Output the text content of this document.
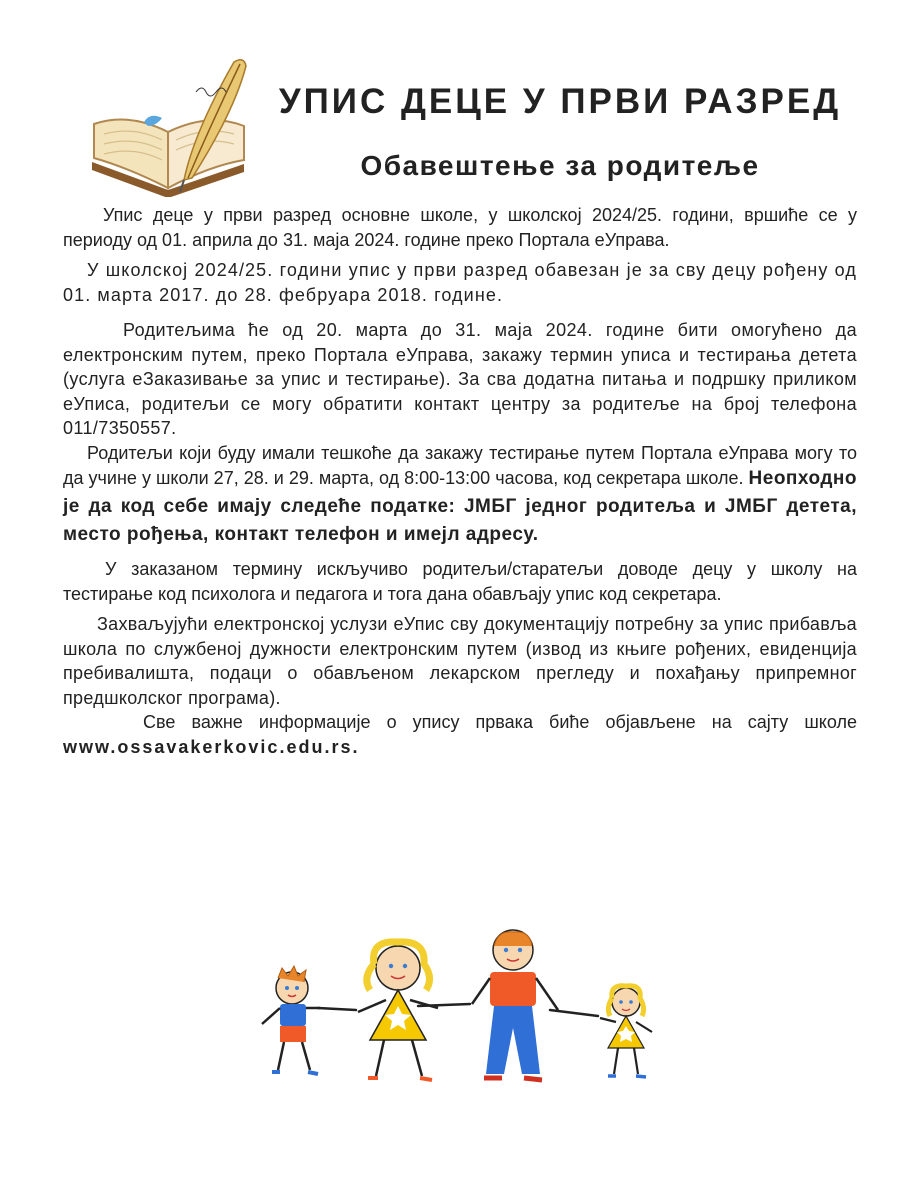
УПИС ДЕЦЕ У ПРВИ РАЗРЕД
Обавештење за родитеље

Упис деце у први разред основне школе, у школској 2024/25. години, вршиће се у периоду од 01. априла до 31. маја 2024. године преко Портала еУправа.

У школској 2024/25. години упис у први разред обавезан је за сву децу рођену од 01. марта 2017. до 28. фебруара 2018. године.

Родитељима ће од 20. марта до 31. маја 2024. године бити омогућено да електронским путем, преко Портала еУправа, закажу термин уписа и тестирања детета (услуга еЗаказивање за упис и тестирање). За сва додатна питања и подршку приликом еУписа, родитељи се могу обратити контакт центру за родитеље на број телефона 011/7350557.

Родитељи који буду имали тешкоће да закажу тестирање путем Портала еУправа могу то да учине у школи 27, 28. и 29. марта, од 8:00-13:00 часова, код секретара школе. Неопходно је да код себе имају следеће податке: ЈМБГ једног родитеља и ЈМБГ детета, место рођења, контакт телефон и имејл адресу.

У заказаном термину искључиво родитељи/старатељи доводе децу у школу на тестирање код психолога и педагога и тога дана обављају упис код секретара.

Захваљујући електронској услузи еУпис сву документацију потребну за упис прибавља школа по службеној дужности електронским путем (извод из књиге рођених, евиденција пребивалишта, подаци о обављеном лекарском прегледу и похађању припремног предшколског програма).

Све важне информације о упису првака биће објављене на сајту школе www.ossavakerkovic.edu.rs.
